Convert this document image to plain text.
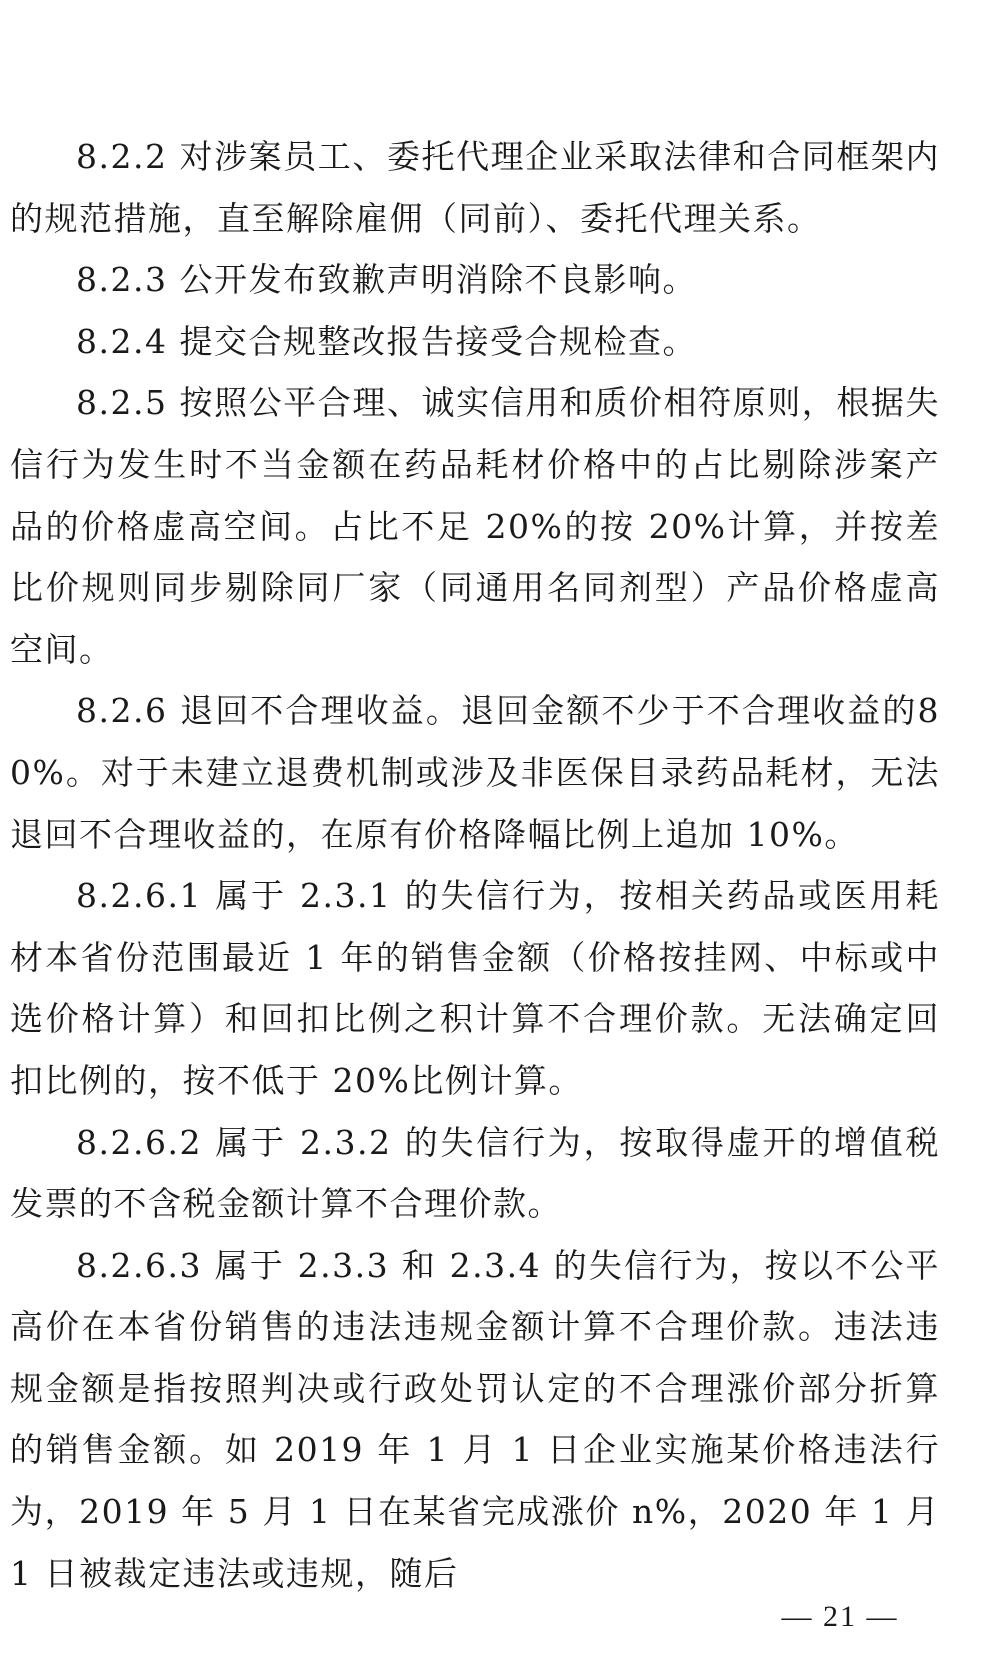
8.2.2 对涉案员工、委托代理企业采取法律和合同框架内的规范措施，直至解除雇佣（同前）、委托代理关系。

8.2.3 公开发布致歉声明消除不良影响。

8.2.4 提交合规整改报告接受合规检查。

8.2.5 按照公平合理、诚实信用和质价相符原则，根据失信行为发生时不当金额在药品耗材价格中的占比剔除涉案产品的价格虚高空间。占比不足 20%的按 20%计算，并按差比价规则同步剔除同厂家（同通用名同剂型）产品价格虚高空间。

8.2.6 退回不合理收益。退回金额不少于不合理收益的80%。对于未建立退费机制或涉及非医保目录药品耗材，无法退回不合理收益的，在原有价格降幅比例上追加 10%。

8.2.6.1 属于 2.3.1 的失信行为，按相关药品或医用耗材本省份范围最近 1 年的销售金额（价格按挂网、中标或中选价格计算）和回扣比例之积计算不合理价款。无法确定回扣比例的，按不低于 20%比例计算。

8.2.6.2 属于 2.3.2 的失信行为，按取得虚开的增值税发票的不含税金额计算不合理价款。

8.2.6.3 属于 2.3.3 和 2.3.4 的失信行为，按以不公平高价在本省份销售的违法违规金额计算不合理价款。违法违规金额是指按照判决或行政处罚认定的不合理涨价部分折算的销售金额。如 2019 年 1 月 1 日企业实施某价格违法行为，2019 年 5 月 1 日在某省完成涨价 n%，2020 年 1 月 1 日被裁定违法或违规，随后

— 21 —
